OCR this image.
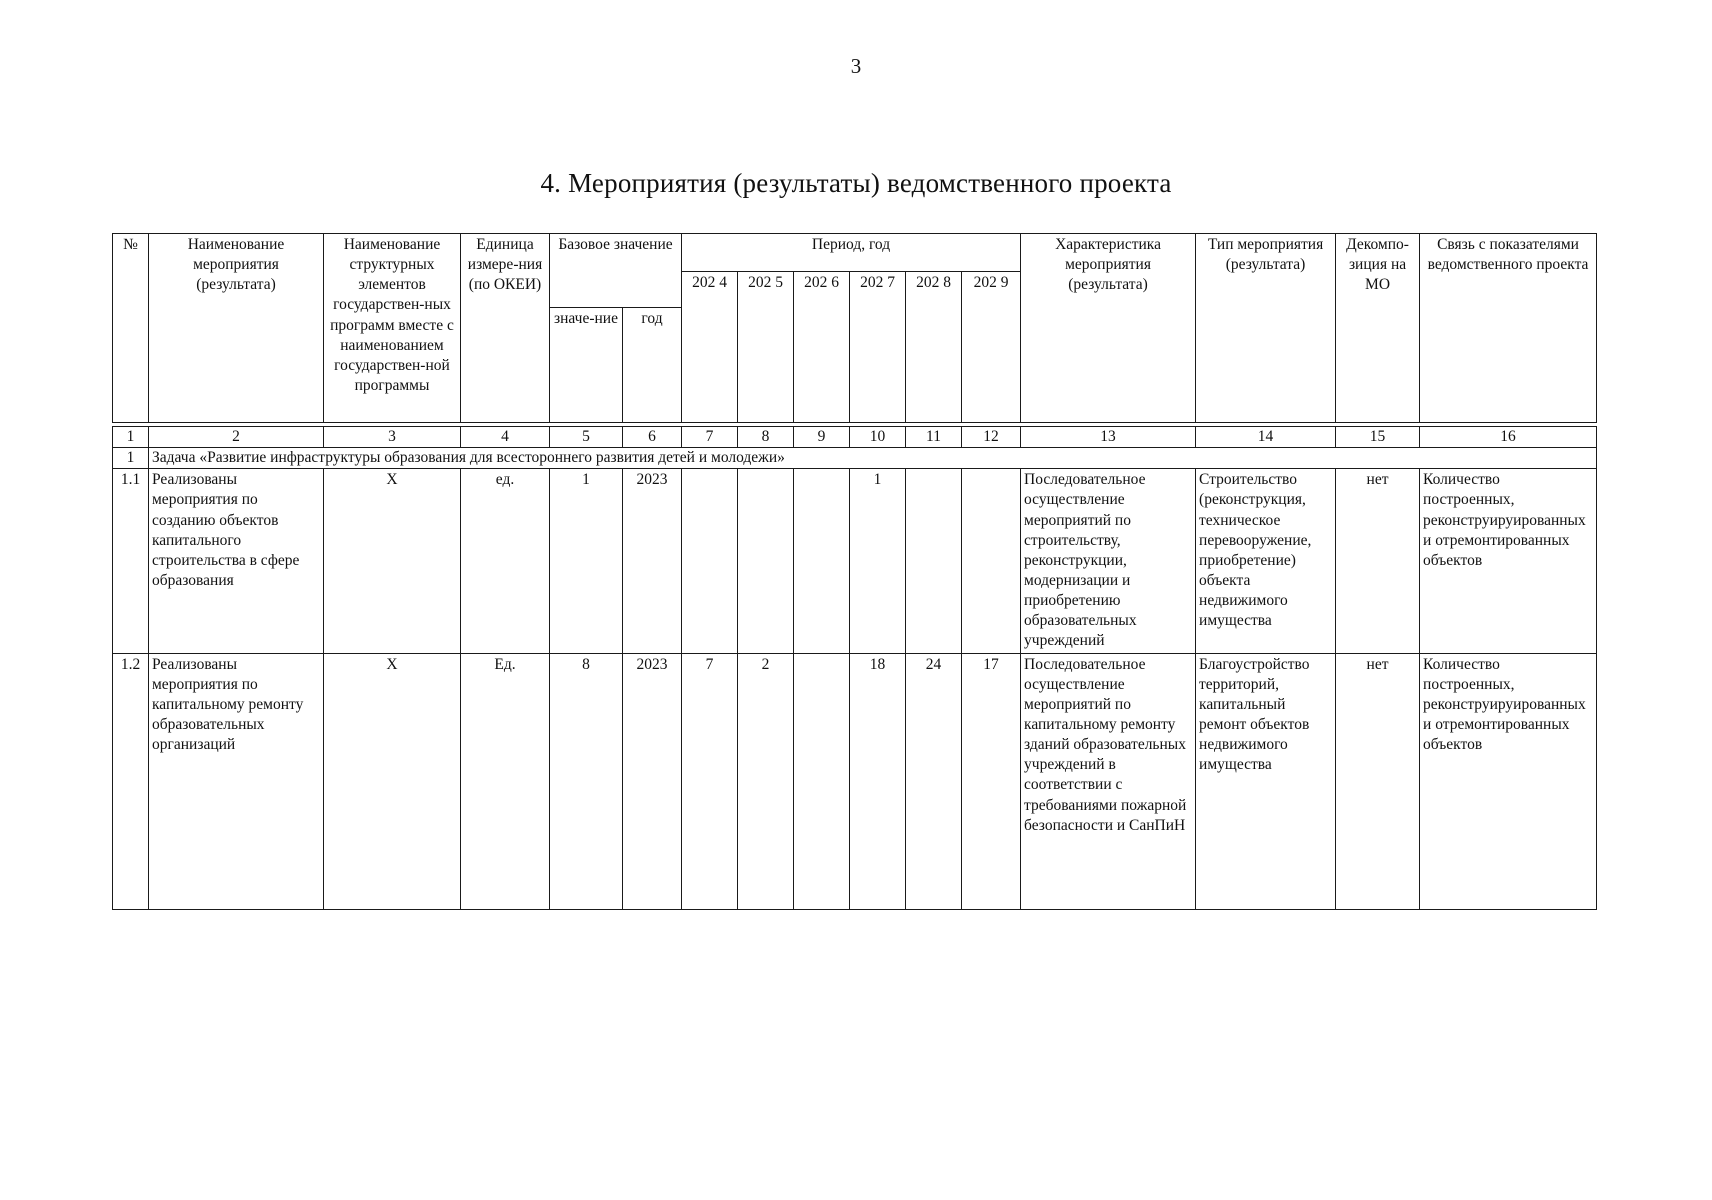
3
4. Мероприятия (результаты) ведомственного проекта
№	Наименование мероприятия (результата)	Наименование структурных элементов государствен-ных программ вместе с наименованием государствен-ной программы	Единица измере-ния (по ОКЕИ)	Базовое значение		Период, год						Характеристика мероприятия (результата)	Тип мероприятия (результата)	Декомпо-зиция на МО	Связь с показателями ведомственного проекта
						202 4	202 5	202 6	202 7	202 8	202 9				
				значе-ние	год										

1	2	3	4	5	6	7	8	9	10	11	12	13	14	15	16
1	Задача «Развитие инфраструктуры образования для всестороннего развития детей и молодежи»														
1.1	Реализованы мероприятия по созданию объектов капитального строительства в сфере образования	X	ед.	1	2023				1			Последовательное осуществление мероприятий по строительству, реконструкции, модернизации и приобретению образовательных учреждений	Строительство (реконструкция, техническое перевооружение, приобретение) объекта недвижимого имущества	нет	Количество построенных, реконструируированных и отремонтированных объектов
1.2	Реализованы мероприятия по капитальному ремонту образовательных организаций	X	Ед.	8	2023	7	2		18	24	17	Последовательное осуществление мероприятий по капитальному ремонту зданий образовательных учреждений в соответствии с требованиями пожарной безопасности и СанПиН	Благоустройство территорий, капитальный ремонт объектов недвижимого имущества	нет	Количество построенных, реконструируированных и отремонтированных объектов
